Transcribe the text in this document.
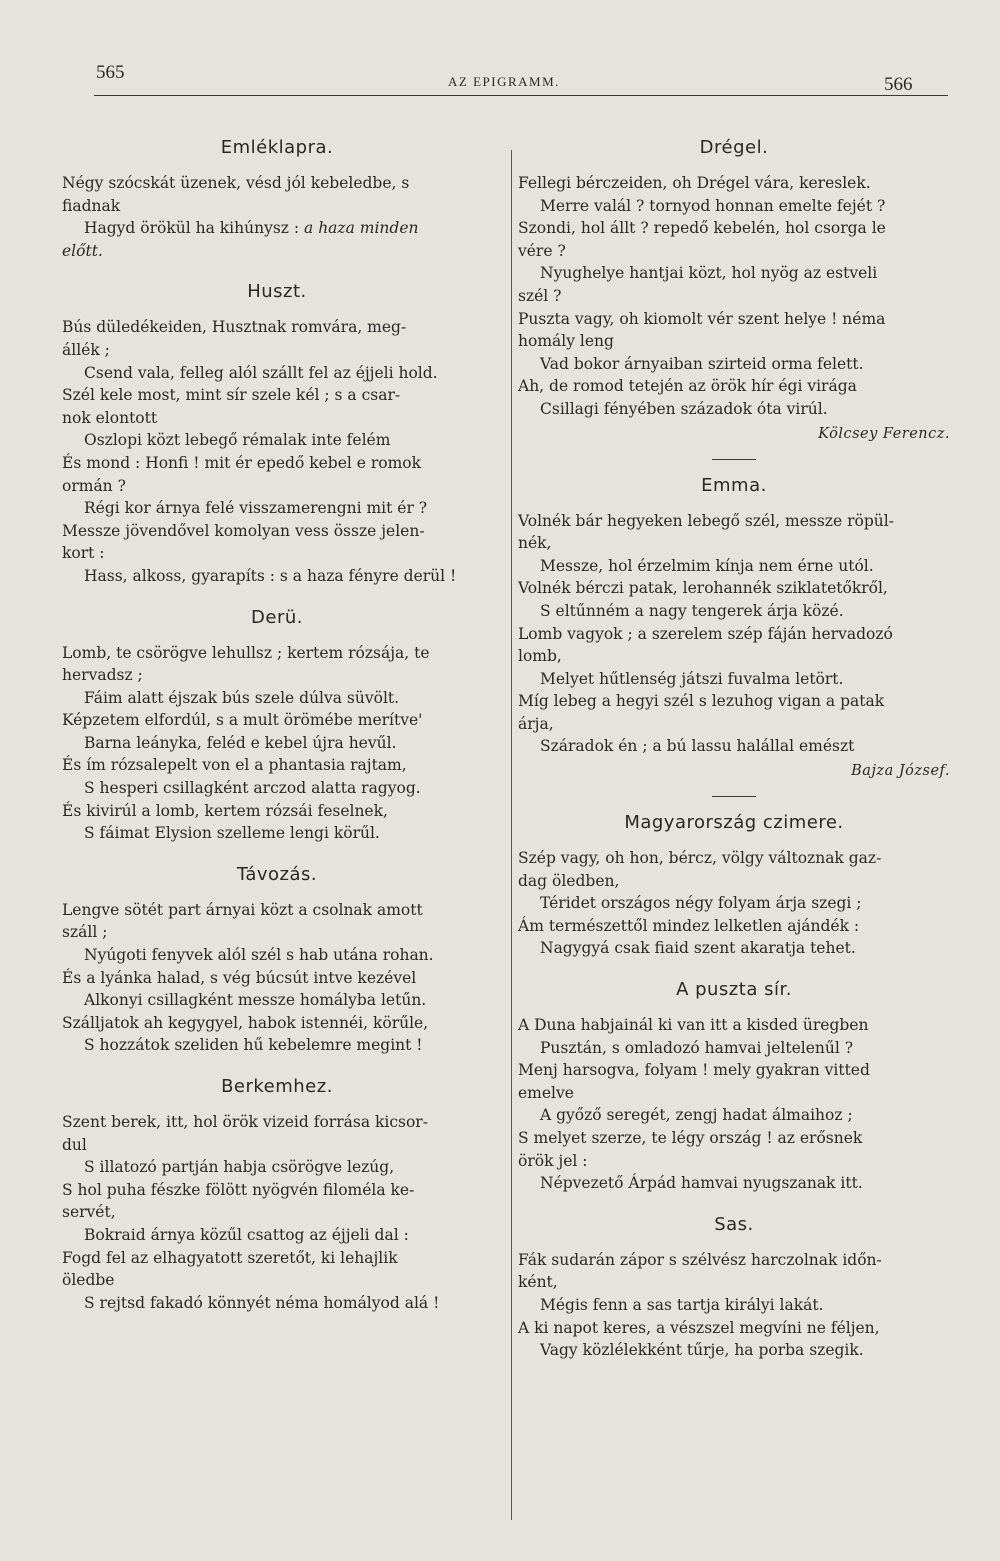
565	AZ EPIGRAMM.	566
Emléklapra.
Négy szócskát üzenek, vésd jól kebeledbe, s
fiadnak
Hagyd örökül ha kihúnysz : a haza minden
előtt.
Huszt.
Bús düledékeiden, Husztnak romvára, meg-
állék ;
Csend vala, felleg alól szállt fel az éjjeli hold.
Szél kele most, mint sír szele kél ; s a csar-
nok elontott
Oszlopi közt lebegő rémalak inte felém
És mond : Honfi ! mit ér epedő kebel e romok
ormán ?
Régi kor árnya felé visszamerengni mit ér ?
Messze jövendővel komolyan vess össze jelen-
kort :
Hass, alkoss, gyarapíts : s a haza fényre derül !
Derü.
Lomb, te csörögve lehullsz ; kertem rózsája, te
hervadsz ;
Fáim alatt éjszak bús szele dúlva süvölt.
Képzetem elfordúl, s a mult örömébe merítve'
Barna leányka, feléd e kebel újra hevűl.
És ím rózsalepelt von el a phantasia rajtam,
S hesperi csillagként arczod alatta ragyog.
És kivirúl a lomb, kertem rózsái feselnek,
S fáimat Elysion szelleme lengi körűl.
Távozás.
Lengve sötét part árnyai közt a csolnak amott
száll ;
Nyúgoti fenyvek alól szél s hab utána rohan.
És a lyánka halad, s vég búcsút intve kezével
Alkonyi csillagként messze homályba letűn.
Szálljatok ah kegygyel, habok istennéi, körűle,
S hozzátok szeliden hű kebelemre megint !
Berkemhez.
Szent berek, itt, hol örök vizeid forrása kicsor-
dul
S illatozó partján habja csörögve lezúg,
S hol puha fészke fölött nyögvén filoméla ke-
servét,
Bokraid árnya közűl csattog az éjjeli dal :
Fogd fel az elhagyatott szeretőt, ki lehajlik
öledbe
S rejtsd fakadó könnyét néma homályod alá !
Drégel.
Fellegi bérczeiden, oh Drégel vára, kereslek.
Merre valál ? tornyod honnan emelte fejét ?
Szondi, hol állt ? repedő kebelén, hol csorga le
vére ?
Nyughelye hantjai közt, hol nyög az estveli
szél ?
Puszta vagy, oh kiomolt vér szent helye ! néma
homály leng
Vad bokor árnyaiban szirteid orma felett.
Ah, de romod tetején az örök hír égi virága
Csillagi fényében századok óta virúl.
Kölcsey Ferencz.
Emma.
Volnék bár hegyeken lebegő szél, messze röpül-
nék,
Messze, hol érzelmim kínja nem érne utól.
Volnék bérczi patak, lerohannék sziklatetőkről,
S eltűnném a nagy tengerek árja közé.
Lomb vagyok ; a szerelem szép fáján hervadozó
lomb,
Melyet hűtlenség játszi fuvalma letört.
Míg lebeg a hegyi szél s lezuhog vigan a patak
árja,
Száradok én ; a bú lassu halállal emészt
Bajza József.
Magyarország czimere.
Szép vagy, oh hon, bércz, völgy változnak gaz-
dag öledben,
Téridet országos négy folyam árja szegi ;
Ám természettől mindez lelketlen ajándék :
Nagygyá csak fiaid szent akaratja tehet.
A puszta sír.
A Duna habjainál ki van itt a kisded üregben
Pusztán, s omladozó hamvai jeltelenűl ?
Menj harsogva, folyam ! mely gyakran vitted
emelve
A győző seregét, zengj hadat álmaihoz ;
S melyet szerze, te légy ország ! az erősnek
örök jel :
Népvezető Árpád hamvai nyugszanak itt.
Sas.
Fák sudarán zápor s szélvész harczolnak időn-
ként,
Mégis fenn a sas tartja királyi lakát.
A ki napot keres, a vészszel megvíni ne féljen,
Vagy közlélekként tűrje, ha porba szegik.
